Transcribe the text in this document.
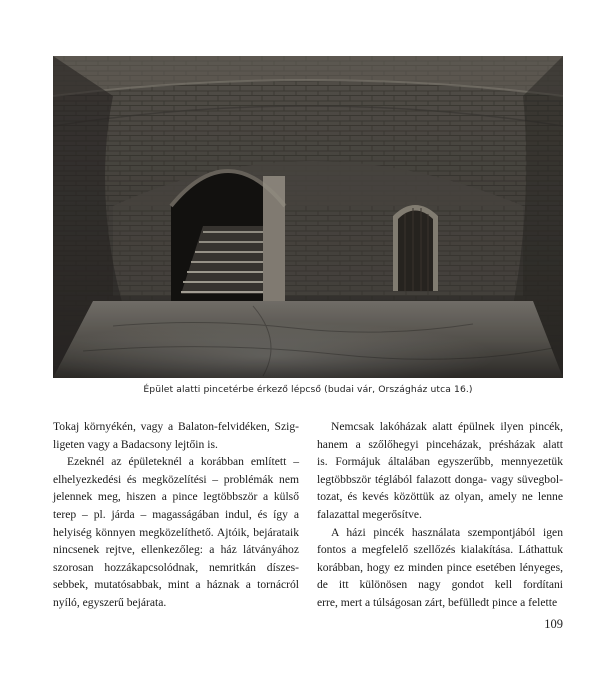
Épület alatti pincetérbe érkező lépcső (budai vár, Országház utca 16.)

Tokaj környékén, vagy a Balaton-felvidéken, Szig-
ligeten vagy a Badacsony lejtőin is.

Ezeknél az épületeknél a korábban említett –
elhelyezkedési és megközelítési – problémák nem
jelennek meg, hiszen a pince legtöbbször a külső
terep – pl. járda – magasságában indul, és így a
helyiség könnyen megközelíthető. Ajtóik, bejárataik
nincsenek rejtve, ellenkezőleg: a ház látványához
szorosan hozzákapcsolódnak, nemritkán díszes-
sebbek, mutatósabbak, mint a háznak a tornácról
nyíló, egyszerű bejárata.

Nemcsak lakóházak alatt épülnek ilyen pincék,
hanem a szőlőhegyi pinceházak, présházak alatt
is. Formájuk általában egyszerűbb, mennyezetük
legtöbbször téglából falazott donga- vagy süvegbol-
tozat, és kevés közöttük az olyan, amely ne lenne
falazattal megerősítve.

A házi pincék használata szempontjából igen
fontos a megfelelő szellőzés kialakítása. Láthattuk
korábban, hogy ez minden pince esetében lényeges,
de itt különösen nagy gondot kell fordítani
erre, mert a túlságosan zárt, befülledt pince a felette

109
